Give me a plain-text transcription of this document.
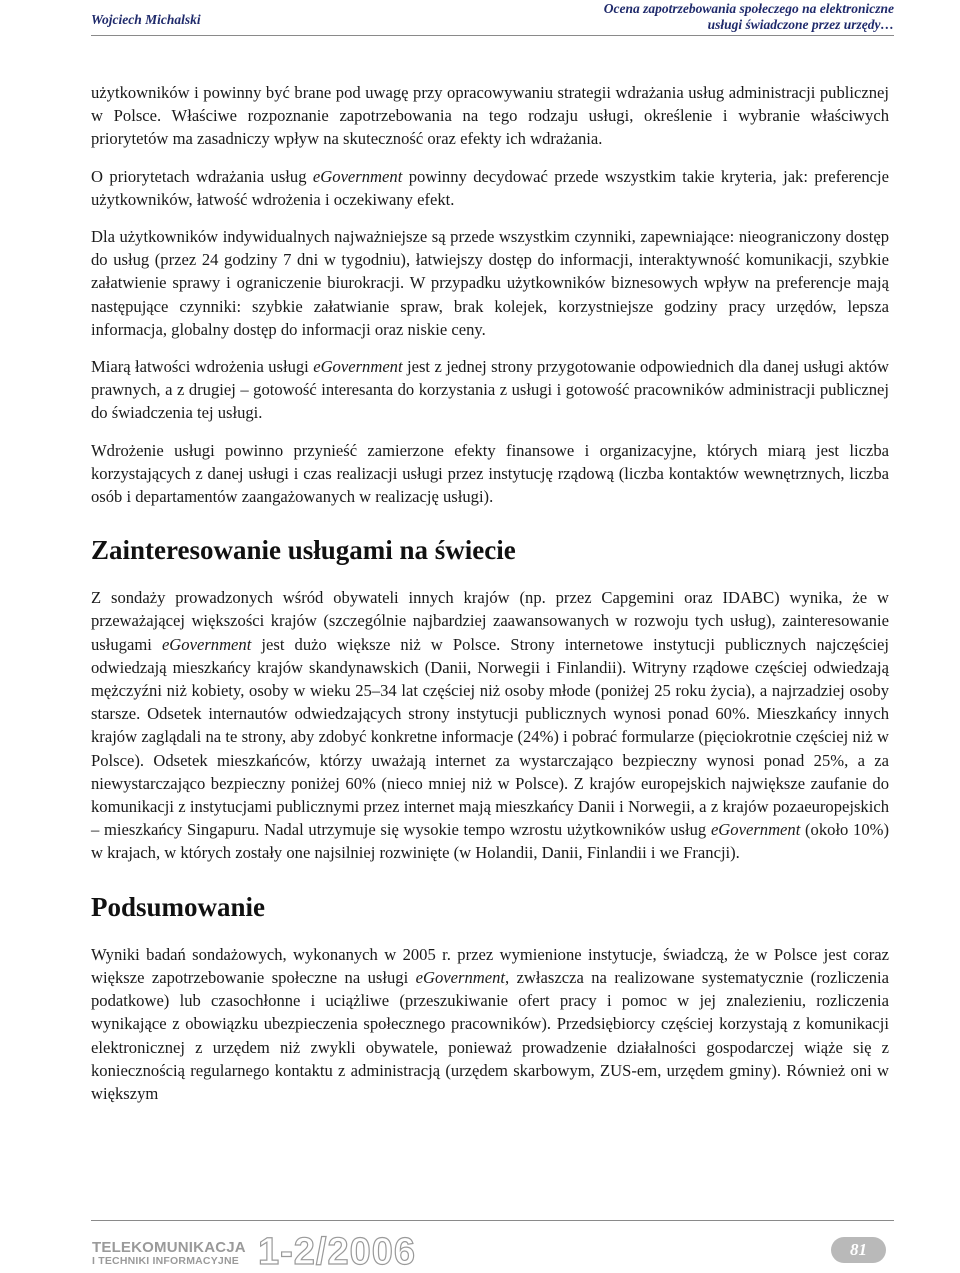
Wojciech Michalski
Ocena zapotrzebowania społeczego na elektroniczne
usługi świadczone przez urzędy…

użytkowników i powinny być brane pod uwagę przy opracowywaniu strategii wdrażania usług administracji publicznej w Polsce. Właściwe rozpoznanie zapotrzebowania na tego rodzaju usługi, określenie i wybranie właściwych priorytetów ma zasadniczy wpływ na skuteczność oraz efekty ich wdrażania.

O priorytetach wdrażania usług eGovernment powinny decydować przede wszystkim takie kryteria, jak: preferencje użytkowników, łatwość wdrożenia i oczekiwany efekt.

Dla użytkowników indywidualnych najważniejsze są przede wszystkim czynniki, zapewniające: nieograniczony dostęp do usług (przez 24 godziny 7 dni w tygodniu), łatwiejszy dostęp do informacji, interaktywność komunikacji, szybkie załatwienie sprawy i ograniczenie biurokracji. W przypadku użytkowników biznesowych wpływ na preferencje mają następujące czynniki: szybkie załatwianie spraw, brak kolejek, korzystniejsze godziny pracy urzędów, lepsza informacja, globalny dostęp do informacji oraz niskie ceny.

Miarą łatwości wdrożenia usługi eGovernment jest z jednej strony przygotowanie odpowiednich dla danej usługi aktów prawnych, a z drugiej – gotowość interesanta do korzystania z usługi i gotowość pracowników administracji publicznej do świadczenia tej usługi.

Wdrożenie usługi powinno przynieść zamierzone efekty finansowe i organizacyjne, których miarą jest liczba korzystających z danej usługi i czas realizacji usługi przez instytucję rządową (liczba kontaktów wewnętrznych, liczba osób i departamentów zaangażowanych w realizację usługi).

Zainteresowanie usługami na świecie

Z sondaży prowadzonych wśród obywateli innych krajów (np. przez Capgemini oraz IDABC) wynika, że w przeważającej większości krajów (szczególnie najbardziej zaawansowanych w rozwoju tych usług), zainteresowanie usługami eGovernment jest dużo większe niż w Polsce. Strony internetowe instytucji publicznych najczęściej odwiedzają mieszkańcy krajów skandynawskich (Danii, Norwegii i Finlandii). Witryny rządowe częściej odwiedzają mężczyźni niż kobiety, osoby w wieku 25–34 lat częściej niż osoby młode (poniżej 25 roku życia), a najrzadziej osoby starsze. Odsetek internautów odwiedzających strony instytucji publicznych wynosi ponad 60%. Mieszkańcy innych krajów zaglądali na te strony, aby zdobyć konkretne informacje (24%) i pobrać formularze (pięciokrotnie częściej niż w Polsce). Odsetek mieszkańców, którzy uważają internet za wystarczająco bezpieczny wynosi ponad 25%, a za niewystarczająco bezpieczny poniżej 60% (nieco mniej niż w Polsce). Z krajów europejskich największe zaufanie do komunikacji z instytucjami publicznymi przez internet mają mieszkańcy Danii i Norwegii, a z krajów pozaeuropejskich – mieszkańcy Singapuru. Nadal utrzymuje się wysokie tempo wzrostu użytkowników usług eGovernment (około 10%) w krajach, w których zostały one najsilniej rozwinięte (w Holandii, Danii, Finlandii i we Francji).

Podsumowanie

Wyniki badań sondażowych, wykonanych w 2005 r. przez wymienione instytucje, świadczą, że w Polsce jest coraz większe zapotrzebowanie społeczne na usługi eGovernment, zwłaszcza na realizowane systematycznie (rozliczenia podatkowe) lub czasochłonne i uciążliwe (przeszukiwanie ofert pracy i pomoc w jej znalezieniu, rozliczenia wynikające z obowiązku ubezpieczenia społecznego pracowników). Przedsiębiorcy częściej korzystają z komunikacji elektronicznej z urzędem niż zwykli obywatele, ponieważ prowadzenie działalności gospodarczej wiąże się z koniecznością regularnego kontaktu z administracją (urzędem skarbowym, ZUS-em, urzędem gminy). Również oni w większym

TELEKOMUNIKACJA
I TECHNIKI INFORMACYJNE 1-2/2006	81
